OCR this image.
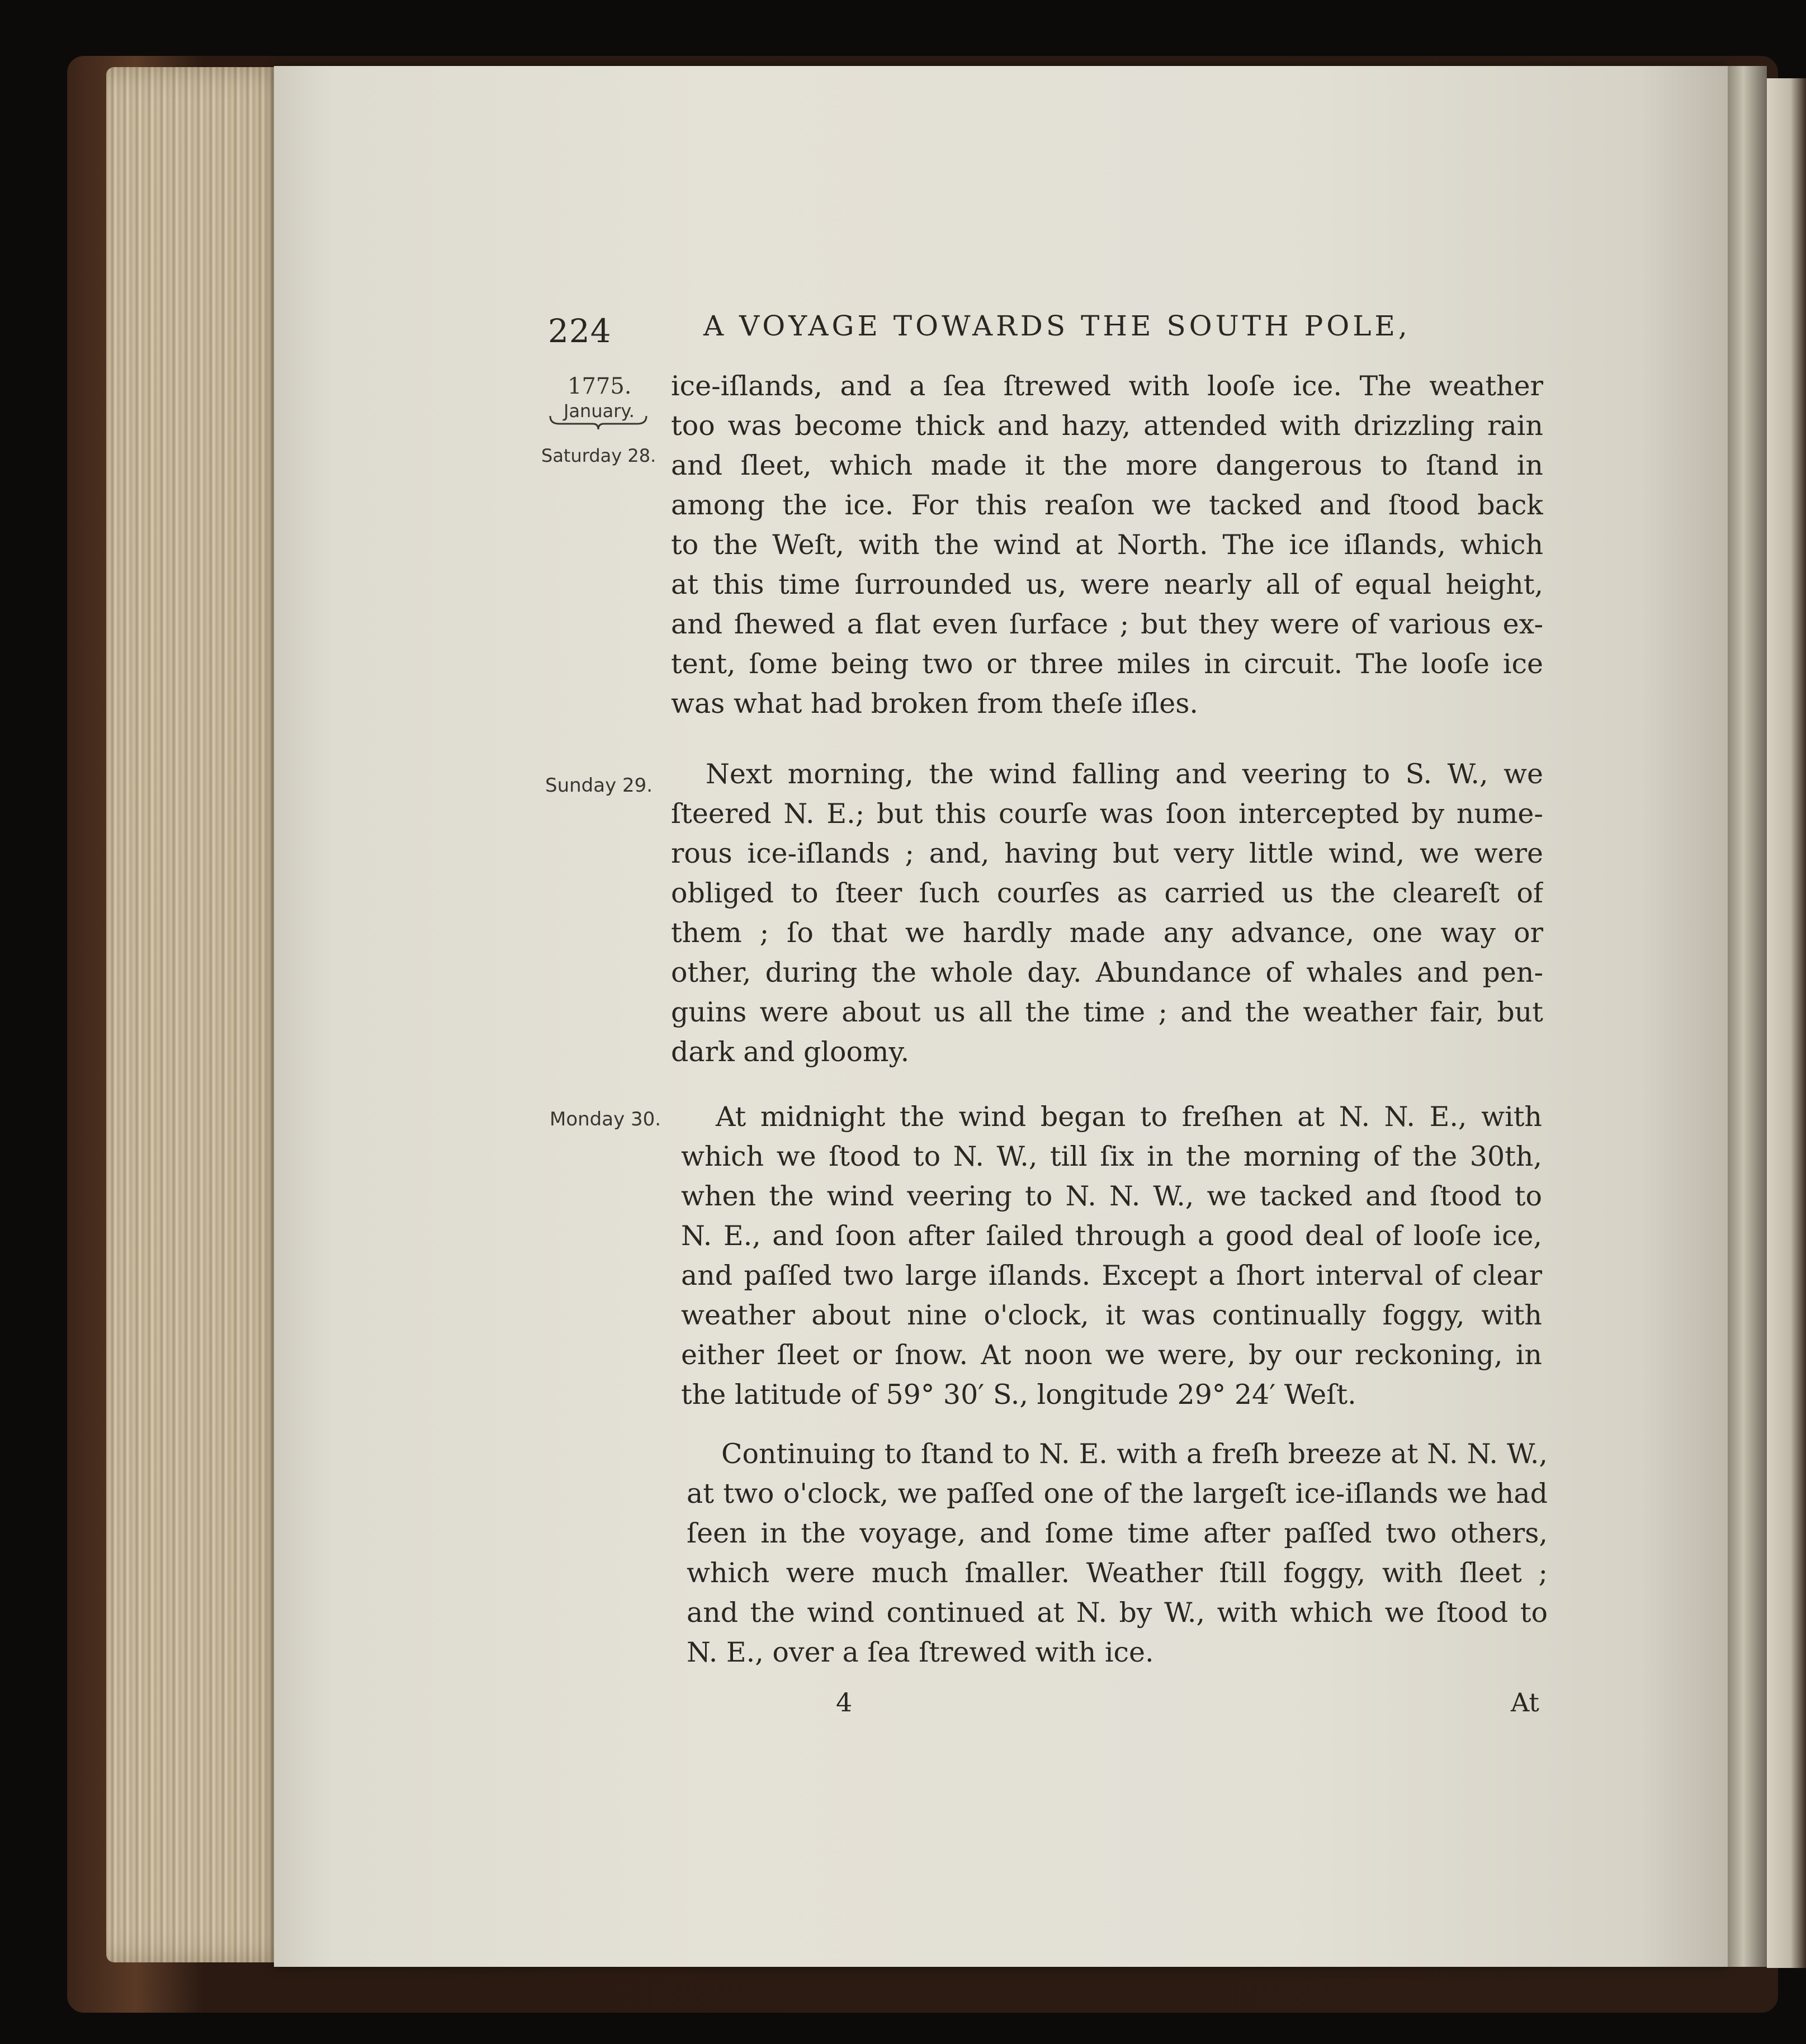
224	A VOYAGE TOWARDS THE SOUTH POLE,
1775.
January.
Saturday 28.
Sunday 29.
Monday 30.
ice-iſlands, and a ſea ſtrewed with looſe ice. The weather
too was become thick and hazy, attended with drizzling rain
and ſleet, which made it the more dangerous to ſtand in
among the ice. For this reaſon we tacked and ſtood back
to the Weſt, with the wind at North. The ice iſlands, which
at this time ſurrounded us, were nearly all of equal height,
and ſhewed a flat even ſurface ; but they were of various ex-
tent, ſome being two or three miles in circuit. The looſe ice
was what had broken from theſe iſles.
Next morning, the wind falling and veering to S. W., we
ſteered N. E.; but this courſe was ſoon intercepted by nume-
rous ice-iſlands ; and, having but very little wind, we were
obliged to ſteer ſuch courſes as carried us the cleareſt of
them ; ſo that we hardly made any advance, one way or
other, during the whole day. Abundance of whales and pen-
guins were about us all the time ; and the weather fair, but
dark and gloomy.
At midnight the wind began to freſhen at N. N. E., with
which we ſtood to N. W., till ſix in the morning of the 30th,
when the wind veering to N. N. W., we tacked and ſtood to
N. E., and ſoon after ſailed through a good deal of looſe ice,
and paſſed two large iſlands. Except a ſhort interval of clear
weather about nine o'clock, it was continually foggy, with
either ſleet or ſnow. At noon we were, by our reckoning, in
the latitude of 59° 30′ S., longitude 29° 24′ Weſt.
Continuing to ſtand to N. E. with a freſh breeze at N. N. W.,
at two o'clock, we paſſed one of the largeſt ice-iſlands we had
ſeen in the voyage, and ſome time after paſſed two others,
which were much ſmaller. Weather ſtill foggy, with ſleet ;
and the wind continued at N. by W., with which we ſtood to
N. E., over a ſea ſtrewed with ice.
4	At
